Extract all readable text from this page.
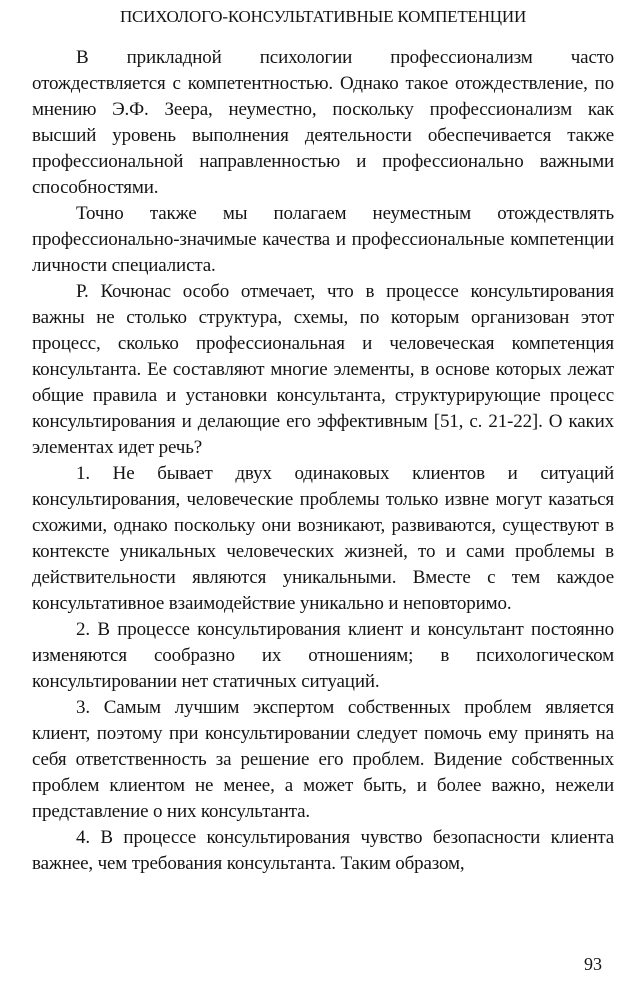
ПСИХОЛОГО-КОНСУЛЬТАТИВНЫЕ КОМПЕТЕНЦИИ

В прикладной психологии профессионализм часто отождествляется с компетентностью. Однако такое отождествление, по мнению Э.Ф. Зеера, неуместно, поскольку профессионализм как высший уровень выполнения деятельности обеспечивается также профессиональной направленностью и профессионально важными способностями.

Точно также мы полагаем неуместным отождествлять профессионально-значимые качества и профессиональные компетенции личности специалиста.

Р. Кочюнас особо отмечает, что в процессе консультирования важны не столько структура, схемы, по которым организован этот процесс, сколько профессиональная и человеческая компетенция консультанта. Ее составляют многие элементы, в основе которых лежат общие правила и установки консультанта, структурирующие процесс консультирования и делающие его эффективным [51, с. 21-22]. О каких элементах идет речь?

1. Не бывает двух одинаковых клиентов и ситуаций консультирования, человеческие проблемы только извне могут казаться схожими, однако поскольку они возникают, развиваются, существуют в контексте уникальных человеческих жизней, то и сами проблемы в действительности являются уникальными. Вместе с тем каждое консультативное взаимодействие уникально и неповторимо.

2. В процессе консультирования клиент и консультант постоянно изменяются сообразно их отношениям; в психологическом консультировании нет статичных ситуаций.

3. Самым лучшим экспертом собственных проблем является клиент, поэтому при консультировании следует помочь ему принять на себя ответственность за решение его проблем. Видение собственных проблем клиентом не менее, а может быть, и более важно, нежели представление о них консультанта.

4. В процессе консультирования чувство безопасности клиента важнее, чем требования консультанта. Таким образом,

93
